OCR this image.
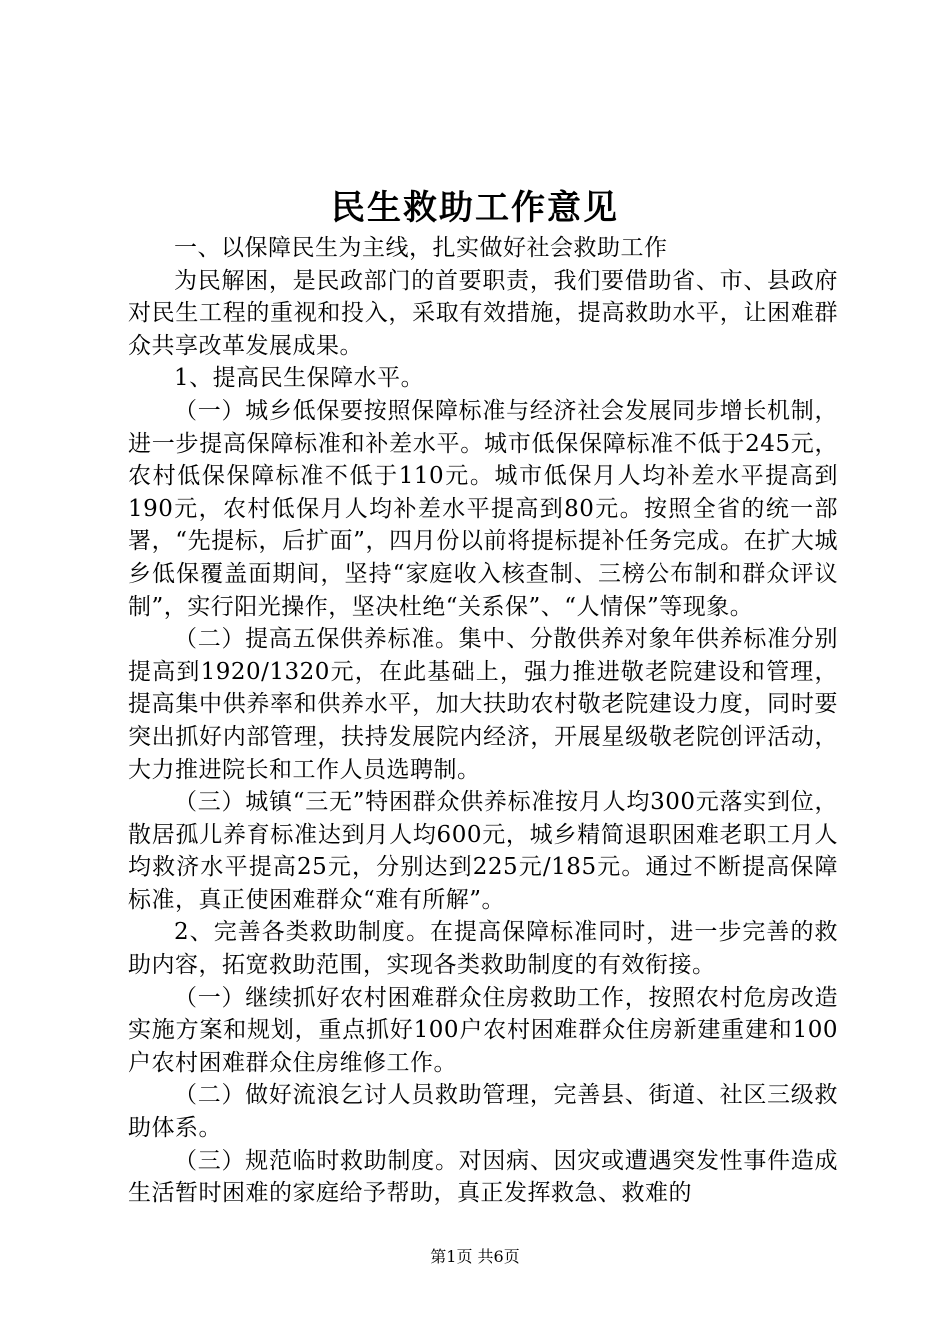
民生救助工作意见

一、以保障民生为主线，扎实做好社会救助工作

为民解困，是民政部门的首要职责，我们要借助省、市、县政府对民生工程的重视和投入，采取有效措施，提高救助水平，让困难群众共享改革发展成果。

1、提高民生保障水平。

（一）城乡低保要按照保障标准与经济社会发展同步增长机制，进一步提高保障标准和补差水平。城市低保保障标准不低于245元，农村低保保障标准不低于110元。城市低保月人均补差水平提高到190元，农村低保月人均补差水平提高到80元。按照全省的统一部署，“先提标，后扩面”，四月份以前将提标提补任务完成。在扩大城乡低保覆盖面期间，坚持“家庭收入核查制、三榜公布制和群众评议制”，实行阳光操作，坚决杜绝“关系保”、“人情保”等现象。

（二）提高五保供养标准。集中、分散供养对象年供养标准分别提高到1920/1320元，在此基础上，强力推进敬老院建设和管理，提高集中供养率和供养水平，加大扶助农村敬老院建设力度，同时要突出抓好内部管理，扶持发展院内经济，开展星级敬老院创评活动，大力推进院长和工作人员选聘制。

（三）城镇“三无”特困群众供养标准按月人均300元落实到位，散居孤儿养育标准达到月人均600元，城乡精简退职困难老职工月人均救济水平提高25元，分别达到225元/185元。通过不断提高保障标准，真正使困难群众“难有所解”。

2、完善各类救助制度。在提高保障标准同时，进一步完善的救助内容，拓宽救助范围，实现各类救助制度的有效衔接。

（一）继续抓好农村困难群众住房救助工作，按照农村危房改造实施方案和规划，重点抓好100户农村困难群众住房新建重建和100户农村困难群众住房维修工作。

（二）做好流浪乞讨人员救助管理，完善县、街道、社区三级救助体系。

（三）规范临时救助制度。对因病、因灾或遭遇突发性事件造成生活暂时困难的家庭给予帮助，真正发挥救急、救难的

第1页 共6页
